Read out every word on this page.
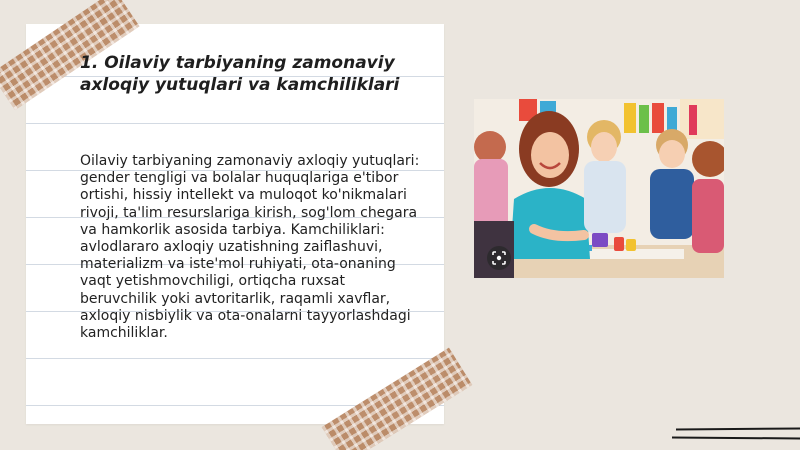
1. Oilaviy tarbiyaning zamonaviy axloqiy yutuqlari va kamchiliklari

Oilaviy tarbiyaning zamonaviy axloqiy yutuqlari: gender tengligi va bolalar huquqlariga e'tibor ortishi, hissiy intellekt va muloqot ko'nikmalari rivoji, ta'lim resurslariga kirish, sog'lom chegara va hamkorlik asosida tarbiya. Kamchiliklari: avlodlararo axloqiy uzatishning zaiflashuvi, materializm va iste'mol ruhiyati, ota-onaning vaqt yetishmovchiligi, ortiqcha ruxsat beruvchilik yoki avtoritarlik, raqamli xavflar, axloqiy nisbiylik va ota-onalarni tayyorlashdagi kamchiliklar.
